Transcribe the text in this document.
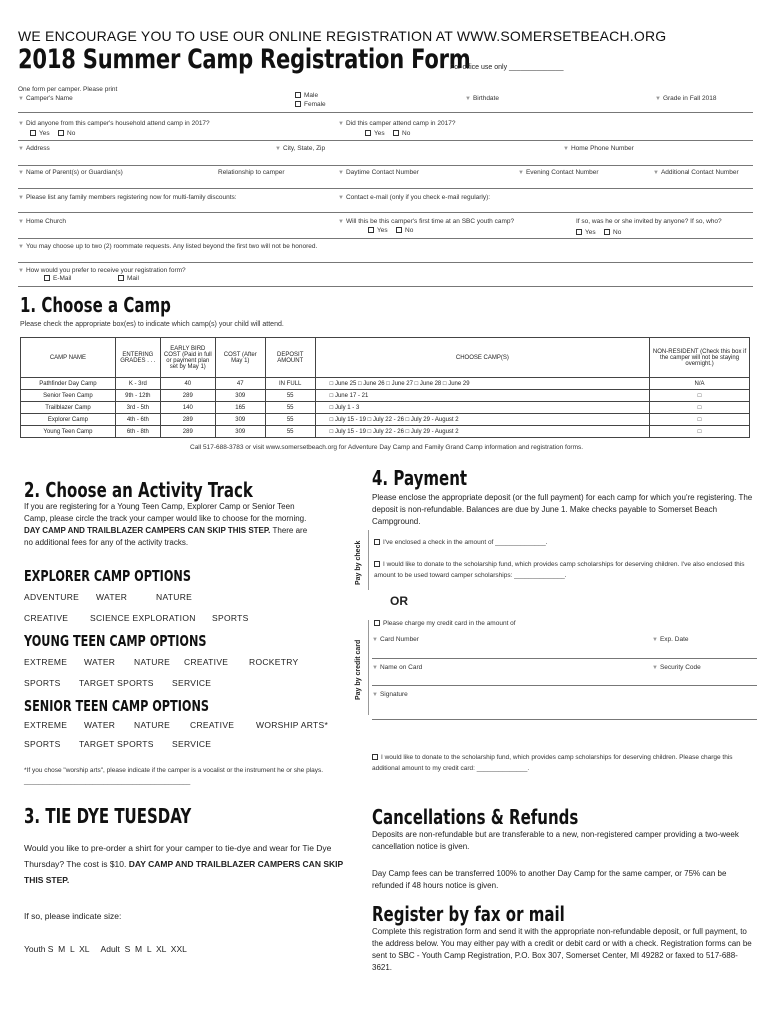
WE ENCOURAGE YOU TO USE OUR ONLINE REGISTRATION AT WWW.SOMERSETBEACH.ORG
2018 Summer Camp Registration Form
For office use only ______________
One form per camper. Please print
▼ Camper's Name	Male
Female
▼ Birthdate	▼ Grade in Fall 2018
▼ Did anyone from this camper's household attend camp in 2017?
Yes	No
▼ Did this camper attend camp in 2017?
Yes	No
▼ Address	▼ City, State, Zip	▼ Home Phone Number
▼ Name of Parent(s) or Guardian(s)	Relationship to camper	▼ Daytime Contact Number	▼ Evening Contact Number	▼ Additional Contact Number
▼ Please list any family members registering now for multi-family discounts:	▼ Contact e-mail (only if you check e-mail regularly):
▼ Home Church	▼ Will this be this camper's first time at an SBC youth camp?
Yes	No
If so, was he or she invited by anyone? If so, who?
Yes	No
▼ You may choose up to two (2) roommate requests. Any listed beyond the first two will not be honored.
▼ How would you prefer to receive your registration form?
E-Mail	Mail
1. Choose a Camp
Please check the appropriate box(es) to indicate which camp(s) your child will attend.
CAMP NAME	ENTERING GRADES . . .	EARLY BIRD COST (Paid in full or payment plan set by May 1)	COST (After May 1)	DEPOSIT AMOUNT	CHOOSE CAMP(S)	NON-RESIDENT (Check this box if the camper will not be staying overnight.)
Pathfinder Day Camp	K - 3rd	40	47	IN FULL	□ June 25 □ June 26 □ June 27 □ June 28 □ June 29	N/A
Senior Teen Camp	9th - 12th	289	309	55	□ June 17 - 21	□
Trailblazer Camp	3rd - 5th	140	165	55	□ July 1 - 3	□
Explorer Camp	4th - 6th	289	309	55	□ July 15 - 19 □ July 22 - 26 □ July 29 - August 2	□
Young Teen Camp	6th - 8th	289	309	55	□ July 15 - 19 □ July 22 - 26 □ July 29 - August 2	□
Call 517-688-3783 or visit www.somersetbeach.org for Adventure Day Camp and Family Grand Camp information and registration forms.
2. Choose an Activity Track
If you are registering for a Young Teen Camp, Explorer Camp or Senior Teen Camp, please circle the track your camper would like to choose for the morning. DAY CAMP AND TRAILBLAZER CAMPERS CAN SKIP THIS STEP. There are no additional fees for any of the activity tracks.
EXPLORER CAMP OPTIONS
ADVENTURE WATER	NATURE
CREATIVE	SCIENCE EXPLORATION SPORTS
YOUNG TEEN CAMP OPTIONS
EXTREME WATER NATURE CREATIVE ROCKETRY
SPORTS TARGET SPORTS SERVICE
SENIOR TEEN CAMP OPTIONS
EXTREME WATER NATURE CREATIVE	WORSHIP ARTS*
SPORTS TARGET SPORTS SERVICE
*If you chose "worship arts", please indicate if the camper is a vocalist or the instrument he or she plays. ______________________________________________
3. TIE DYE TUESDAY
Would you like to pre-order a shirt for your camper to tie-dye and wear for Tie Dye Thursday? The cost is $10. DAY CAMP AND TRAILBLAZER CAMPERS CAN SKIP THIS STEP.
If so, please indicate size:
Youth S  M  L  XL     Adult  S  M  L  XL  XXL
4. Payment
Please enclose the appropriate deposit (or the full payment) for each camp for which you're registering. The deposit is non-refundable. Balances are due by June 1. Make checks payable to Somerset Beach Campground.
Pay by check	I've enclosed a check in the amount of ______________.
I would like to donate to the scholarship fund, which provides camp scholarships for deserving children. I've also enclosed this amount to be used toward camper scholarships: ______________.
OR
Pay by credit card
Please charge my credit card in the amount of
▼ Card Number	▼ Exp. Date
▼ Name on Card	▼ Security Code
▼ Signature
I would like to donate to the scholarship fund, which provides camp scholarships for deserving children. Please charge this additional amount to my credit card: ______________.
Cancellations & Refunds
Deposits are non-refundable but are transferable to a new, non-registered camper providing a two-week cancellation notice is given.
Day Camp fees can be transferred 100% to another Day Camp for the same camper, or 75% can be refunded if 48 hours notice is given.
Register by fax or mail
Complete this registration form and send it with the appropriate non-refundable deposit, or full payment, to the address below. You may either pay with a credit or debit card or with a check. Registration forms can be sent to SBC - Youth Camp Registration, P.O. Box 307, Somerset Center, MI 49282 or faxed to 517-688-3621.
